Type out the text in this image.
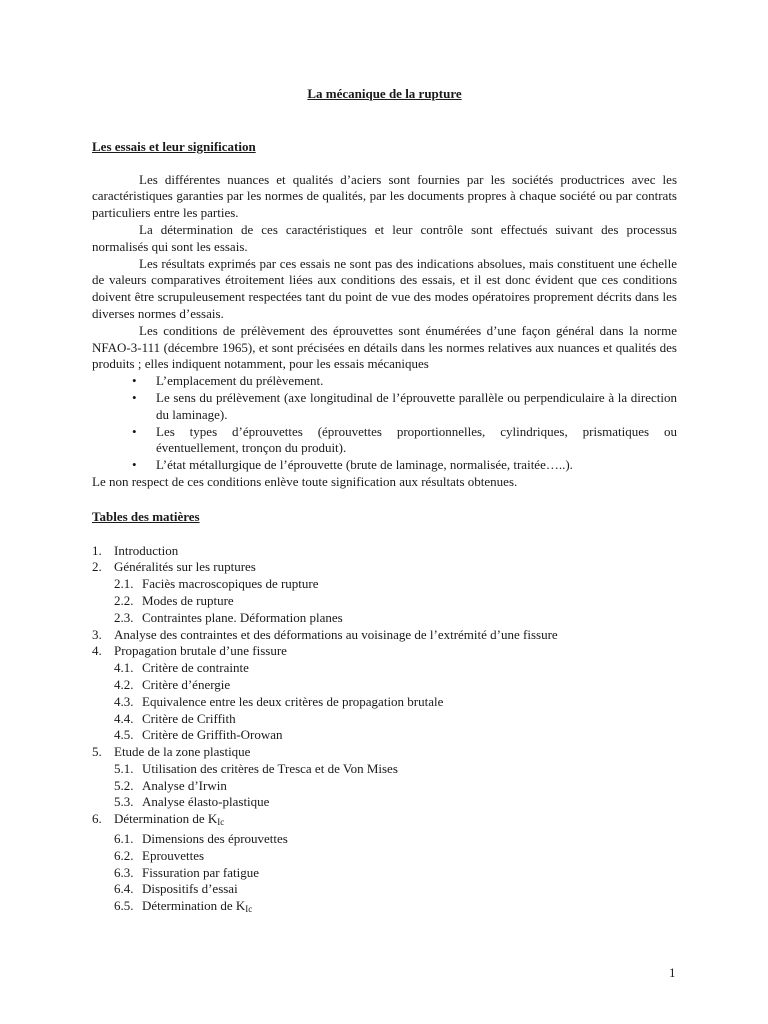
La mécanique de la rupture
Les essais et leur signification

Les différentes nuances et qualités d’aciers sont fournies par les sociétés productrices avec les caractéristiques garanties par les normes de qualités, par les documents propres à chaque société ou par contrats particuliers entre les parties.

La détermination de ces caractéristiques et leur contrôle sont effectués suivant des processus normalisés qui sont les essais.

Les résultats exprimés par ces essais ne sont pas des indications absolues, mais constituent une échelle de valeurs comparatives étroitement liées aux conditions des essais, et il est donc évident que ces conditions doivent être scrupuleusement respectées tant du point de vue des modes opératoires proprement décrits dans les diverses normes d’essais.

Les conditions de prélèvement des éprouvettes sont énumérées d’une façon général dans la norme NFAO-3-111 (décembre 1965), et sont précisées en détails dans les normes relatives aux nuances et qualités des produits ; elles indiquent notamment, pour les essais mécaniques

• L’emplacement du prélèvement.
• Le sens du prélèvement (axe longitudinal de l’éprouvette parallèle ou perpendiculaire à la direction du laminage).
• Les types d’éprouvettes (éprouvettes proportionnelles, cylindriques, prismatiques ou éventuellement, tronçon du produit).
• L’état métallurgique de l’éprouvette (brute de laminage, normalisée, traitée…..).

Le non respect de ces conditions enlève toute signification aux résultats obtenues.

Tables des matières
1. Introduction
2. Généralités sur les ruptures
2.1. Faciès macroscopiques de rupture
2.2. Modes de rupture
2.3. Contraintes plane. Déformation planes
3. Analyse des contraintes et des déformations au voisinage de l’extrémité d’une fissure
4. Propagation brutale d’une fissure
4.1. Critère de contrainte
4.2. Critère d’énergie
4.3. Equivalence entre les deux critères de propagation brutale
4.4. Critère de Criffith
4.5. Critère de Griffith-Orowan
5. Etude de la zone plastique
5.1. Utilisation des critères de Tresca et de Von Mises
5.2. Analyse d’Irwin
5.3. Analyse élasto-plastique
6. Détermination de $K_{Ic}$
6.1. Dimensions des éprouvettes
6.2. Eprouvettes
6.3. Fissuration par fatigue
6.4. Dispositifs d’essai
6.5. Détermination de $K_{Ic}$
1
